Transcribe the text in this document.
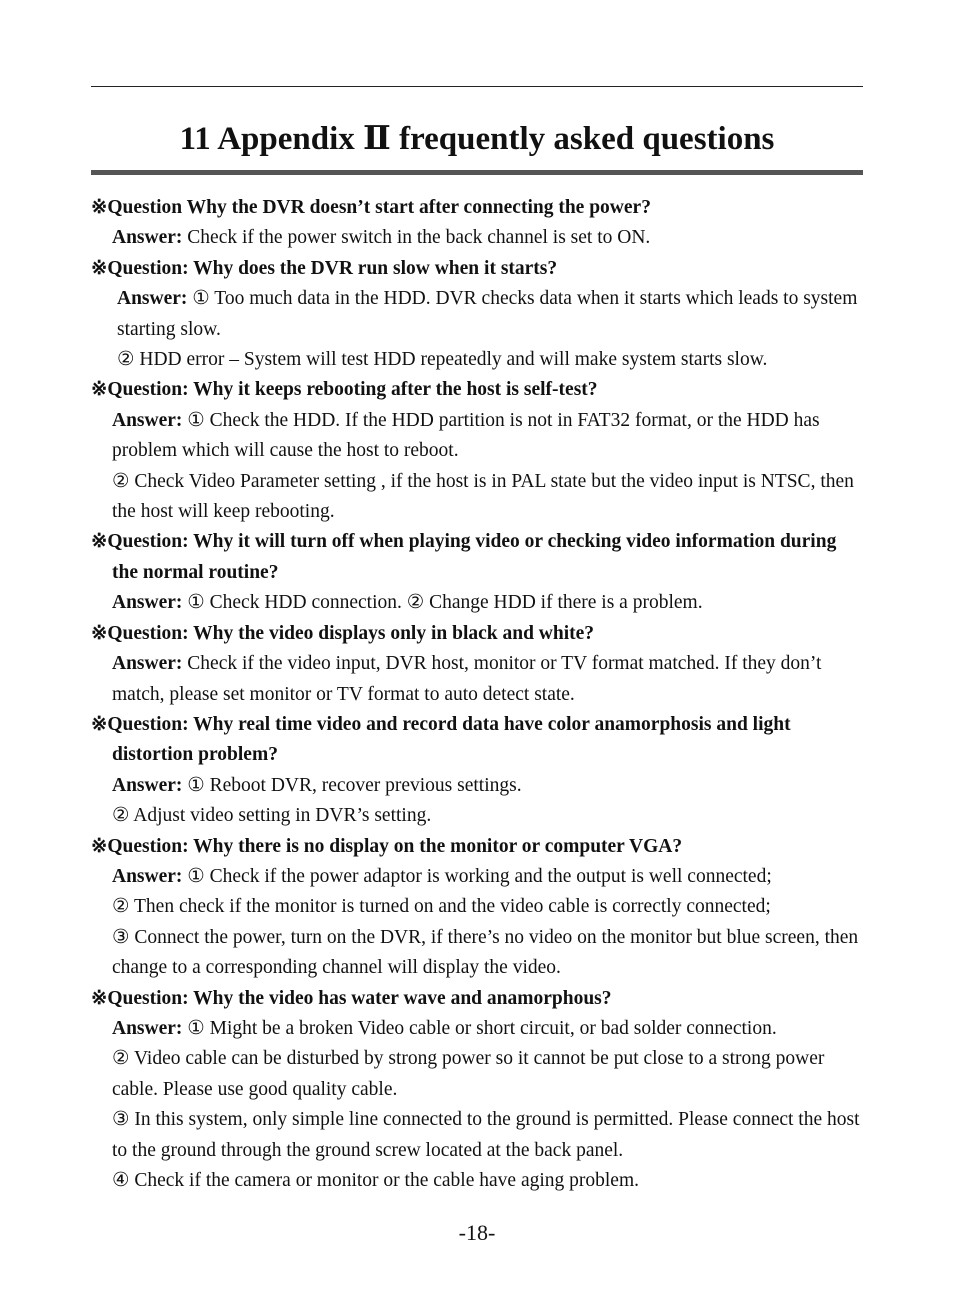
11 Appendix Ⅱ frequently asked questions

※Question Why the DVR doesn’t start after connecting the power?

Answer: Check if the power switch in the back channel is set to ON.

※Question: Why does the DVR run slow when it starts?

Answer: ① Too much data in the HDD. DVR checks data when it starts which leads to system starting slow.

② HDD error – System will test HDD repeatedly and will make system starts slow.

※Question: Why it keeps rebooting after the host is self-test?

Answer: ① Check the HDD. If the HDD partition is not in FAT32 format, or the HDD has problem which will cause the host to reboot.

② Check Video Parameter setting , if the host is in PAL state but the video input is NTSC, then the host will keep rebooting.

※Question: Why it will turn off when playing video or checking video information during the normal routine?

Answer: ① Check HDD connection. ② Change HDD if there is a problem.

※Question: Why the video displays only in black and white?

Answer: Check if the video input, DVR host, monitor or TV format matched. If they don’t match, please set monitor or TV format to auto detect state.

※Question: Why real time video and record data have color anamorphosis and light distortion problem?

Answer: ① Reboot DVR, recover previous settings.

② Adjust video setting in DVR’s setting.

※Question: Why there is no display on the monitor or computer VGA?

Answer: ① Check if the power adaptor is working and the output is well connected;

② Then check if the monitor is turned on and the video cable is correctly connected;

③ Connect the power, turn on the DVR, if there’s no video on the monitor but blue screen, then change to a corresponding channel will display the video.

※Question: Why the video has water wave and anamorphous?

Answer: ① Might be a broken Video cable or short circuit, or bad solder connection.

② Video cable can be disturbed by strong power so it cannot be put close to a strong power cable. Please use good quality cable.

③ In this system, only simple line connected to the ground is permitted. Please connect the host to the ground through the ground screw located at the back panel.

④ Check if the camera or monitor or the cable have aging problem.

-18-
